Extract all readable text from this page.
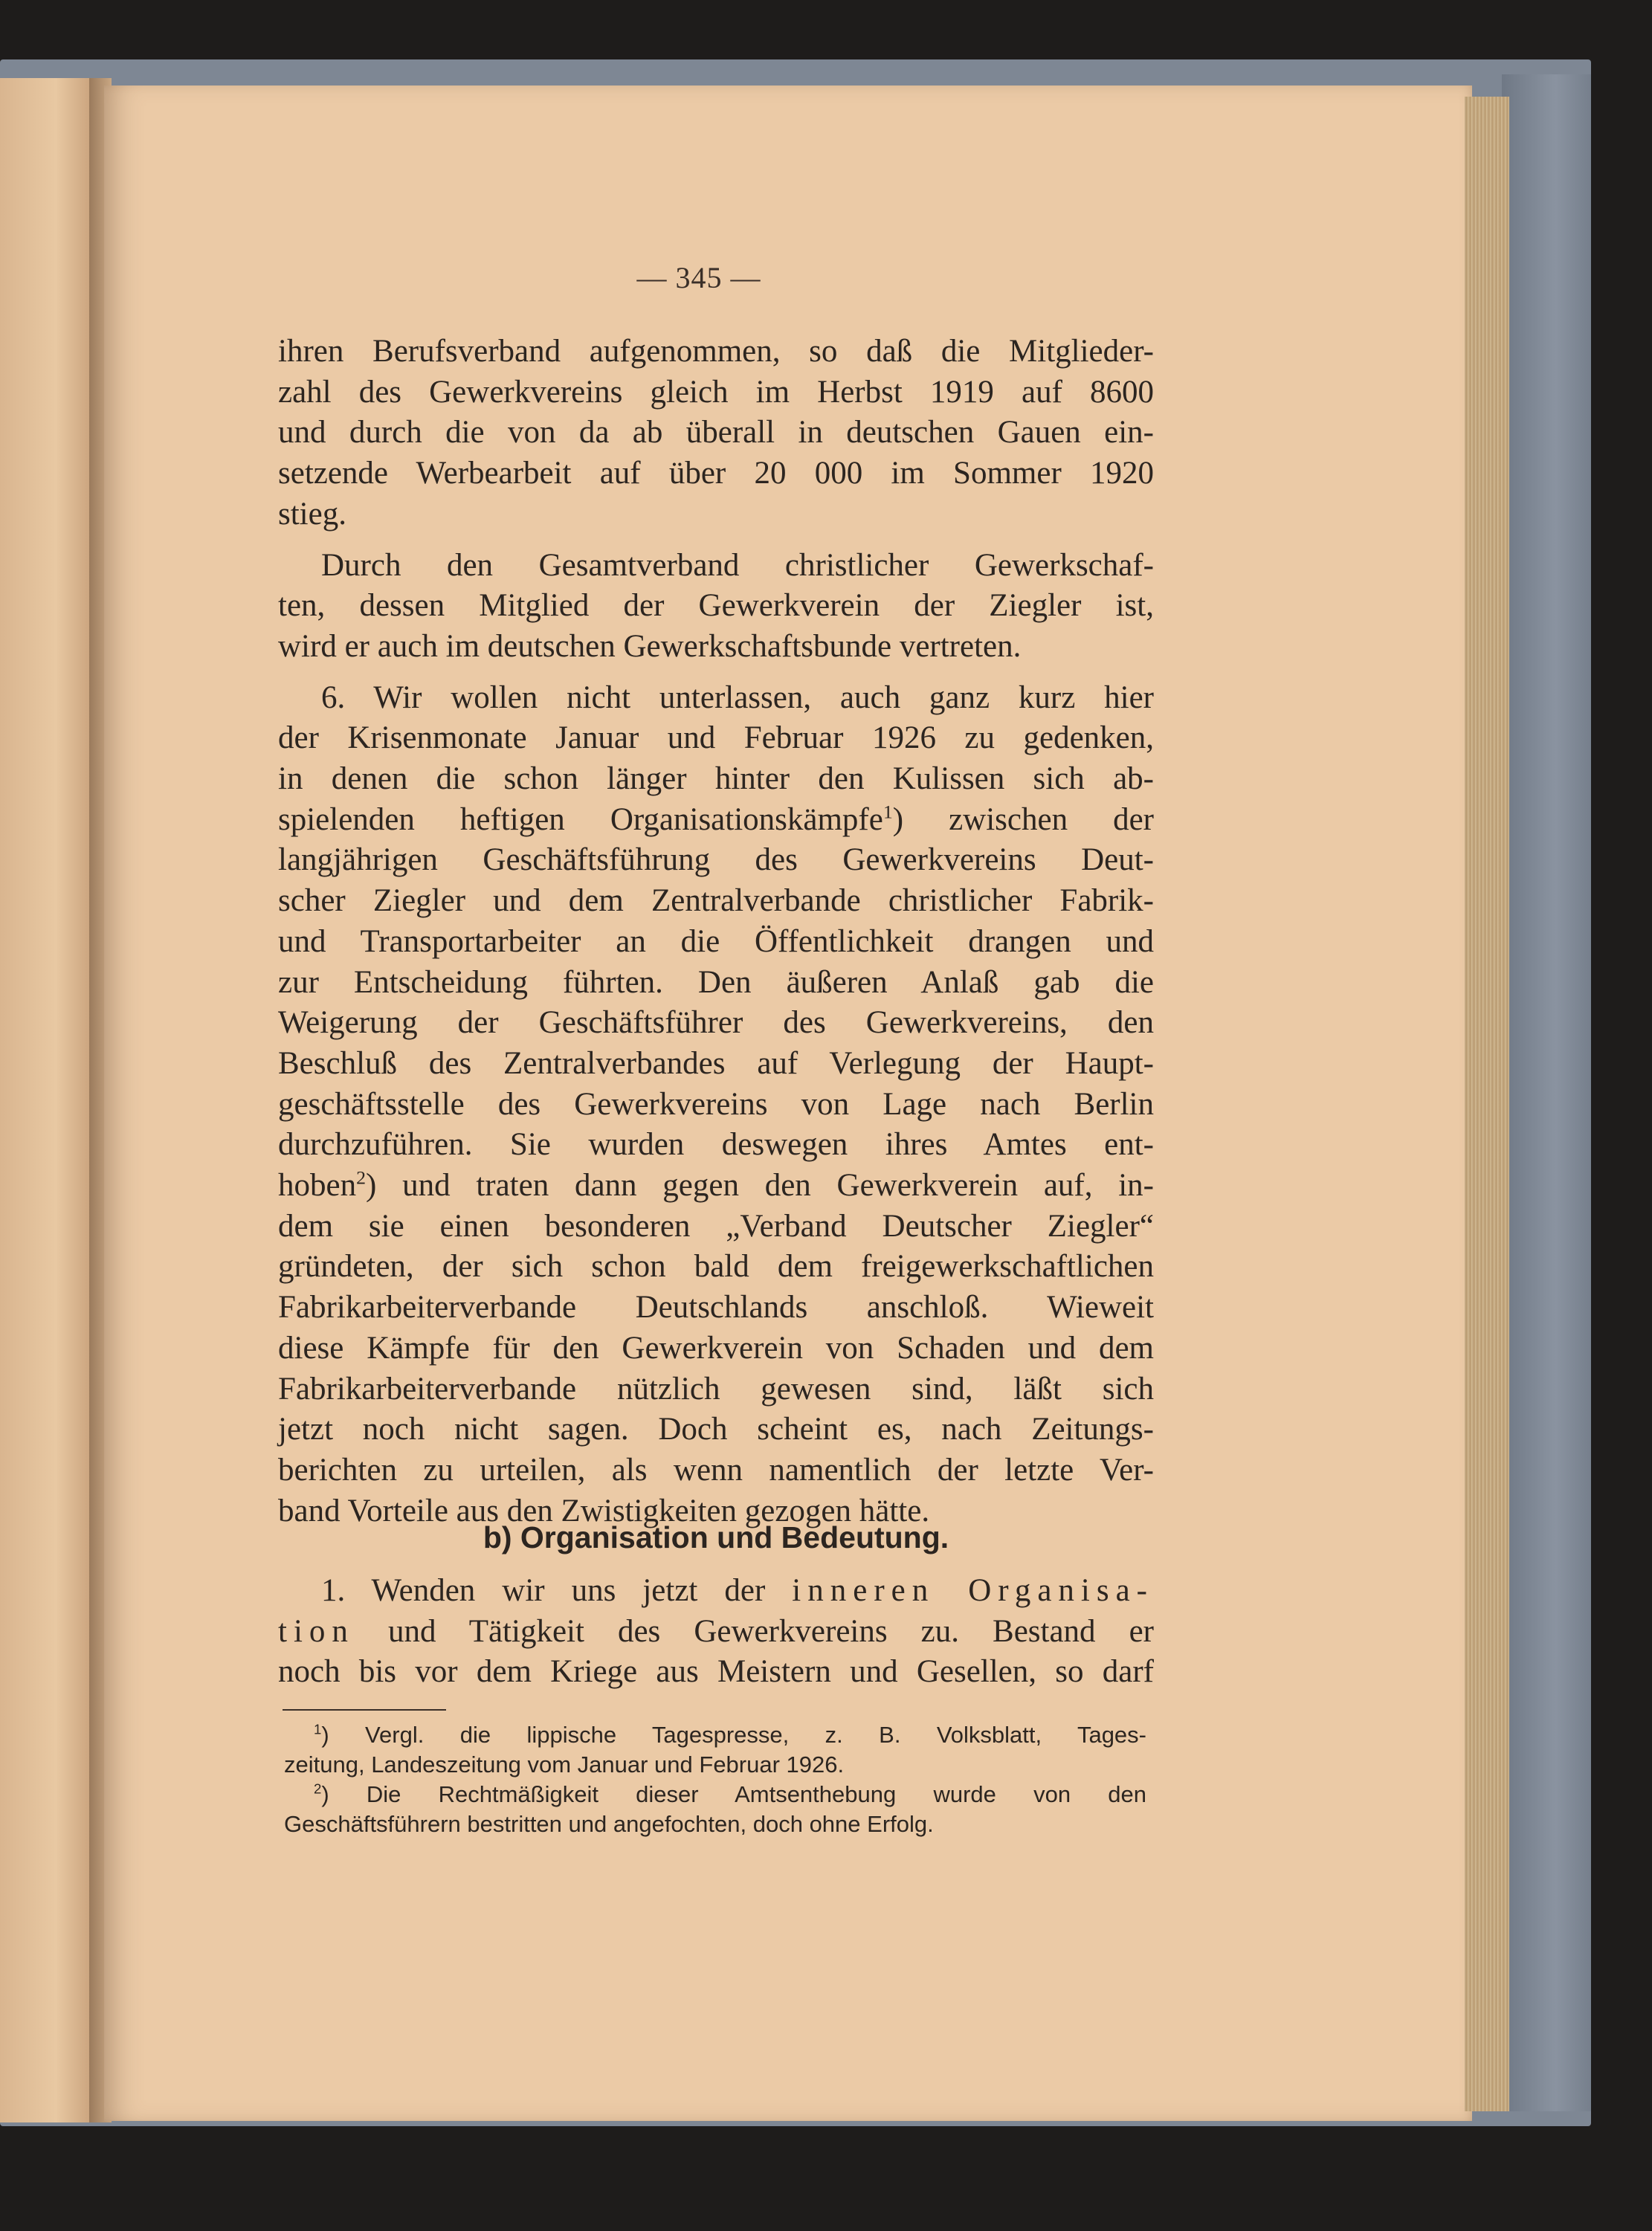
— 345 —

ihren Berufsverband aufgenommen, so daß die Mitglieder-

zahl des Gewerkvereins gleich im Herbst 1919 auf 8600

und durch die von da ab überall in deutschen Gauen ein-

setzende Werbearbeit auf über 20 000 im Sommer 1920

stieg.

Durch den Gesamtverband christlicher Gewerkschaf-

ten, dessen Mitglied der Gewerkverein der Ziegler ist,

wird er auch im deutschen Gewerkschaftsbunde vertreten.

6. Wir wollen nicht unterlassen, auch ganz kurz hier

der Krisenmonate Januar und Februar 1926 zu gedenken,

in denen die schon länger hinter den Kulissen sich ab-

spielenden heftigen Organisationskämpfe$^1$) zwischen der

langjährigen Geschäftsführung des Gewerkvereins Deut-

scher Ziegler und dem Zentralverbande christlicher Fabrik-

und Transportarbeiter an die Öffentlichkeit drangen und

zur Entscheidung führten. Den äußeren Anlaß gab die

Weigerung der Geschäftsführer des Gewerkvereins, den

Beschluß des Zentralverbandes auf Verlegung der Haupt-

geschäftsstelle des Gewerkvereins von Lage nach Berlin

durchzuführen. Sie wurden deswegen ihres Amtes ent-

hoben$^2$) und traten dann gegen den Gewerkverein auf, in-

dem sie einen besonderen „Verband Deutscher Ziegler“

gründeten, der sich schon bald dem freigewerkschaftlichen

Fabrikarbeiterverbande Deutschlands anschloß. Wieweit

diese Kämpfe für den Gewerkverein von Schaden und dem

Fabrikarbeiterverbande nützlich gewesen sind, läßt sich

jetzt noch nicht sagen. Doch scheint es, nach Zeitungs-

berichten zu urteilen, als wenn namentlich der letzte Ver-

band Vorteile aus den Zwistigkeiten gezogen hätte.

b) Organisation und Bedeutung.

1. Wenden wir uns jetzt der inneren Organisa-

tion und Tätigkeit des Gewerkvereins zu. Bestand er

noch bis vor dem Kriege aus Meistern und Gesellen, so darf

$^1$) Vergl. die lippische Tagespresse, z. B. Volksblatt, Tages-

zeitung, Landeszeitung vom Januar und Februar 1926.

$^2$) Die Rechtmäßigkeit dieser Amtsenthebung wurde von den

Geschäftsführern bestritten und angefochten, doch ohne Erfolg.
